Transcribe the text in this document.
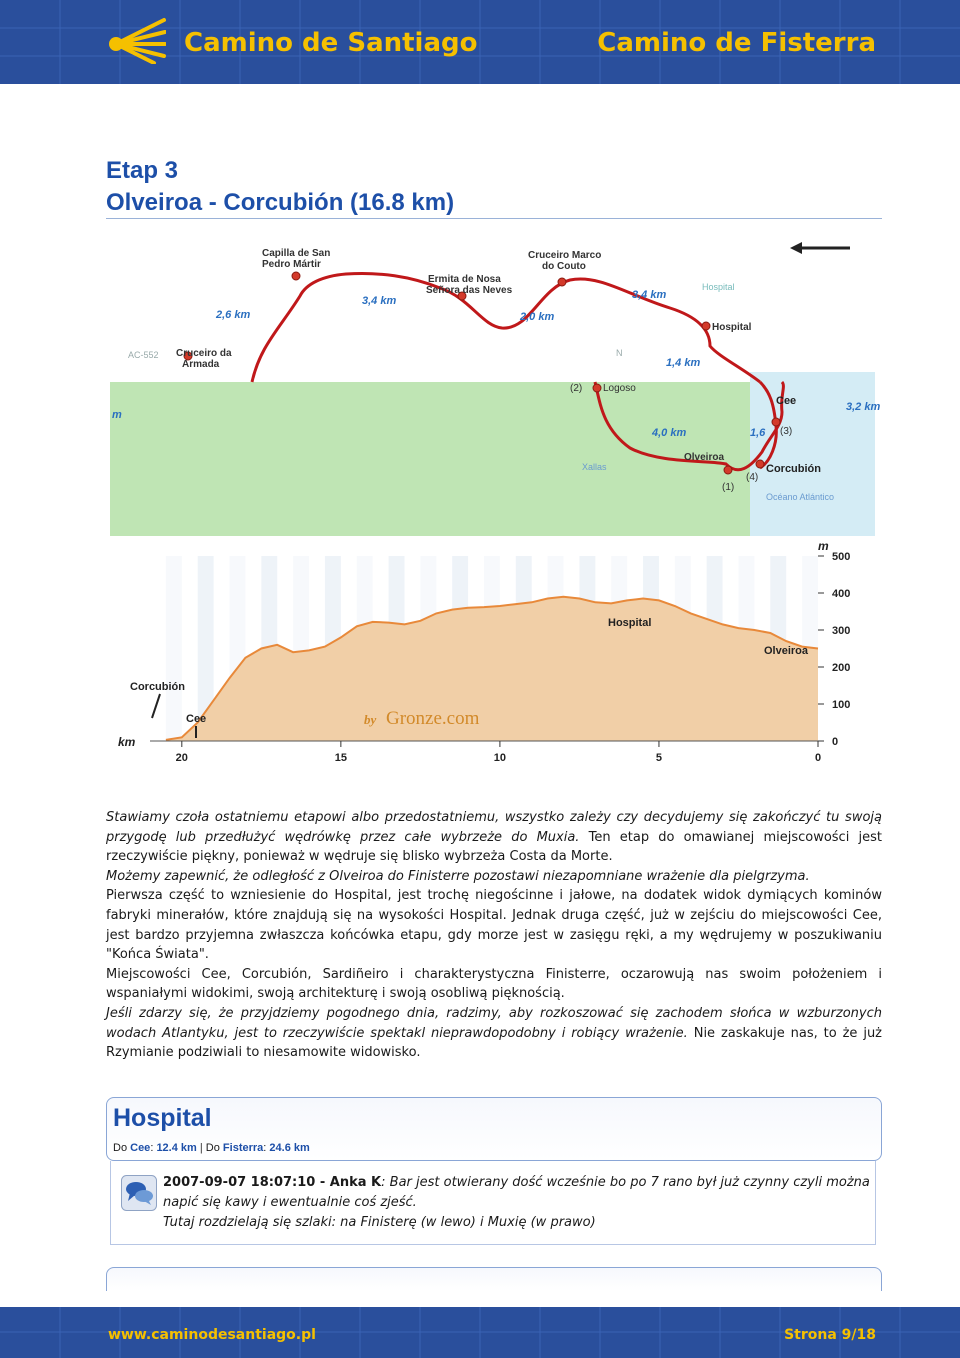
Camino de Santiago	Camino de Fisterra
Etap 3
Olveiroa - Corcubión (16.8 km)
Capilla de San
Pedro Mártir
Ermita de Nosa
Señora das Neves
Cruceiro Marco
do Couto
Cruceiro da
Armada
Hospital
Olveiroa
Logoso
(2)
(3)
(4)
(1)
2,6 km
3,4 km
2,0 km
3,4 km
1,4 km
3,2 km
4,0 km	1,6
m
Cee
Corcubión
AC-552
Hospital
N
Xallas
Océano Atlántico
m
km
500
400
300
200
100
0
20	15	10	5	0
Corcubión
Cee
Hospital
Olveiroa
by Gronze.com

Stawiamy czoła ostatniemu etapowi albo przedostatniemu, wszystko zależy czy decydujemy się zakończyć tu swoją przygodę lub przedłużyć wędrówkę przez całe wybrzeże do Muxia. Ten etap do omawianej miejscowości jest rzeczywiście piękny, ponieważ w wędruje się blisko wybrzeża Costa da Morte.

Możemy zapewnić, że odległość z Olveiroa do Finisterre pozostawi niezapomniane wrażenie dla pielgrzyma.

Pierwsza część to wzniesienie do Hospital, jest trochę niegościnne i jałowe, na dodatek widok dymiących kominów fabryki minerałów, które znajdują się na wysokości Hospital. Jednak druga część, już w zejściu do miejscowości Cee, jest bardzo przyjemna zwłaszcza końcówka etapu, gdy morze jest w zasięgu ręki, a my wędrujemy w poszukiwaniu "Końca Świata".

Miejscowości Cee, Corcubión, Sardiñeiro i charakterystyczna Finisterre, oczarowują nas swoim położeniem i wspaniałymi widokimi, swoją architekturę i swoją osobliwą pięknością.

Jeśli zdarzy się, że przyjdziemy pogodnego dnia, radzimy, aby rozkoszować się zachodem słońca w wzburzonych wodach Atlantyku, jest to rzeczywiście spektakl nieprawdopodobny i robiący wrażenie. Nie zaskakuje nas, to że już Rzymianie podziwiali to niesamowite widowisko.

Hospital
Do Cee: 12.4 km | Do Fisterra: 24.6 km
2007-09-07 18:07:10 - Anka K: Bar jest otwierany dość wcześnie bo po 7 rano był już czynny czyli można napić się kawy i ewentualnie coś zjeść.
Tutaj rozdzielają się szlaki: na Finisterę (w lewo) i Muxię (w prawo)
www.caminodesantiago.pl	Strona 9/18
